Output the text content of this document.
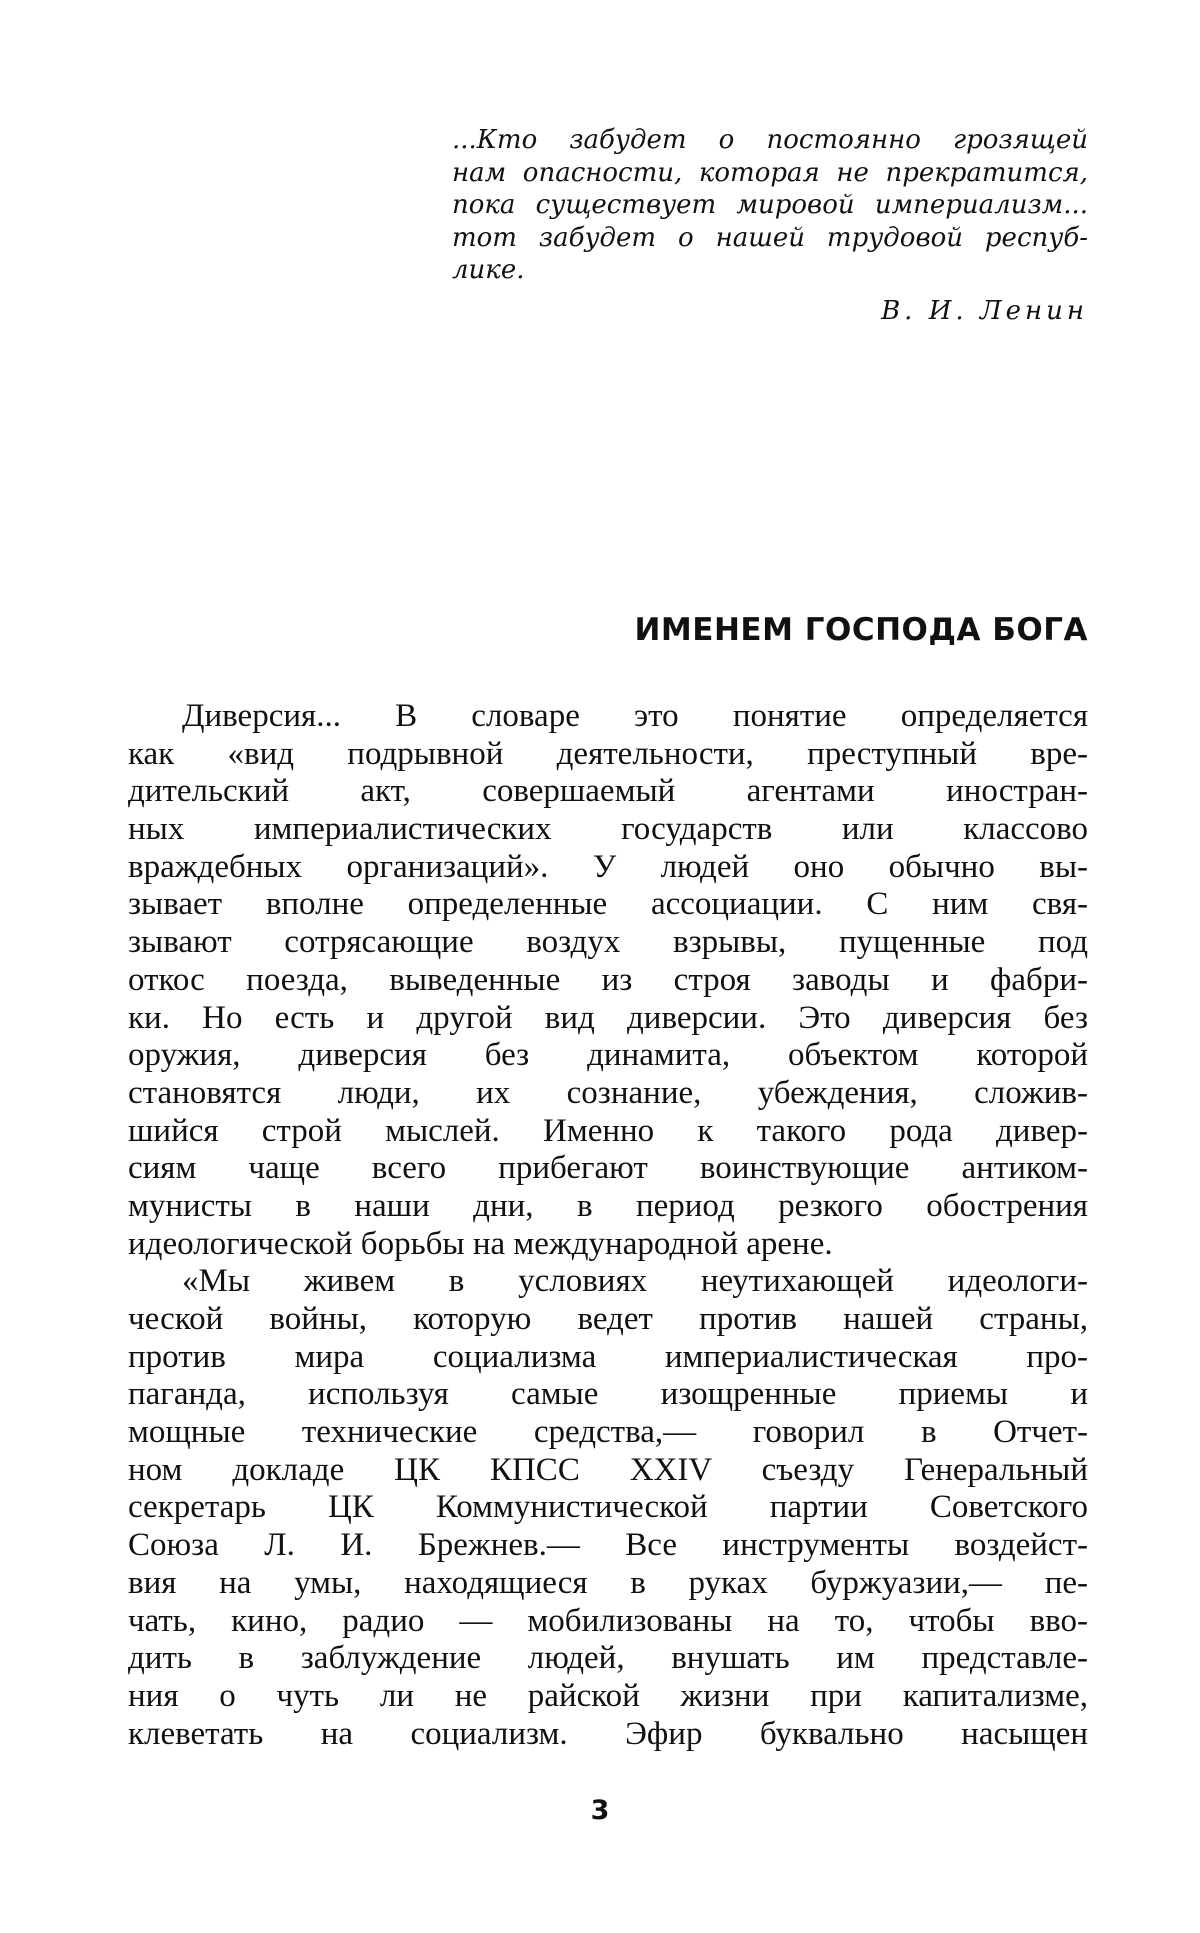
...Кто забудет о постоянно грозящей
нам опасности, которая не прекратится,
пока существует мировой империализм...
тот забудет о нашей трудовой респуб-
лике.
В. И. Ленин
ИМЕНЕМ ГОСПОДА БОГА
Диверсия... В словаре это понятие определяется
как «вид подрывной деятельности, преступный вре-
дительский акт, совершаемый агентами иностран-
ных империалистических государств или классово
враждебных организаций». У людей оно обычно вы-
зывает вполне определенные ассоциации. С ним свя-
зывают сотрясающие воздух взрывы, пущенные под
откос поезда, выведенные из строя заводы и фабри-
ки. Но есть и другой вид диверсии. Это диверсия без
оружия, диверсия без динамита, объектом которой
становятся люди, их сознание, убеждения, сложив-
шийся строй мыслей. Именно к такого рода дивер-
сиям чаще всего прибегают воинствующие антиком-
мунисты в наши дни, в период резкого обострения
идеологической борьбы на международной арене.
«Мы живем в условиях неутихающей идеологи-
ческой войны, которую ведет против нашей страны,
против мира социализма империалистическая про-
паганда, используя самые изощренные приемы и
мощные технические средства,— говорил в Отчет-
ном докладе ЦК КПСС XXIV съезду Генеральный
секретарь ЦК Коммунистической партии Советского
Союза Л. И. Брежнев.— Все инструменты воздейст-
вия на умы, находящиеся в руках буржуазии,— пе-
чать, кино, радио — мобилизованы на то, чтобы вво-
дить в заблуждение людей, внушать им представле-
ния о чуть ли не райской жизни при капитализме,
клеветать на социализм. Эфир буквально насыщен
3
